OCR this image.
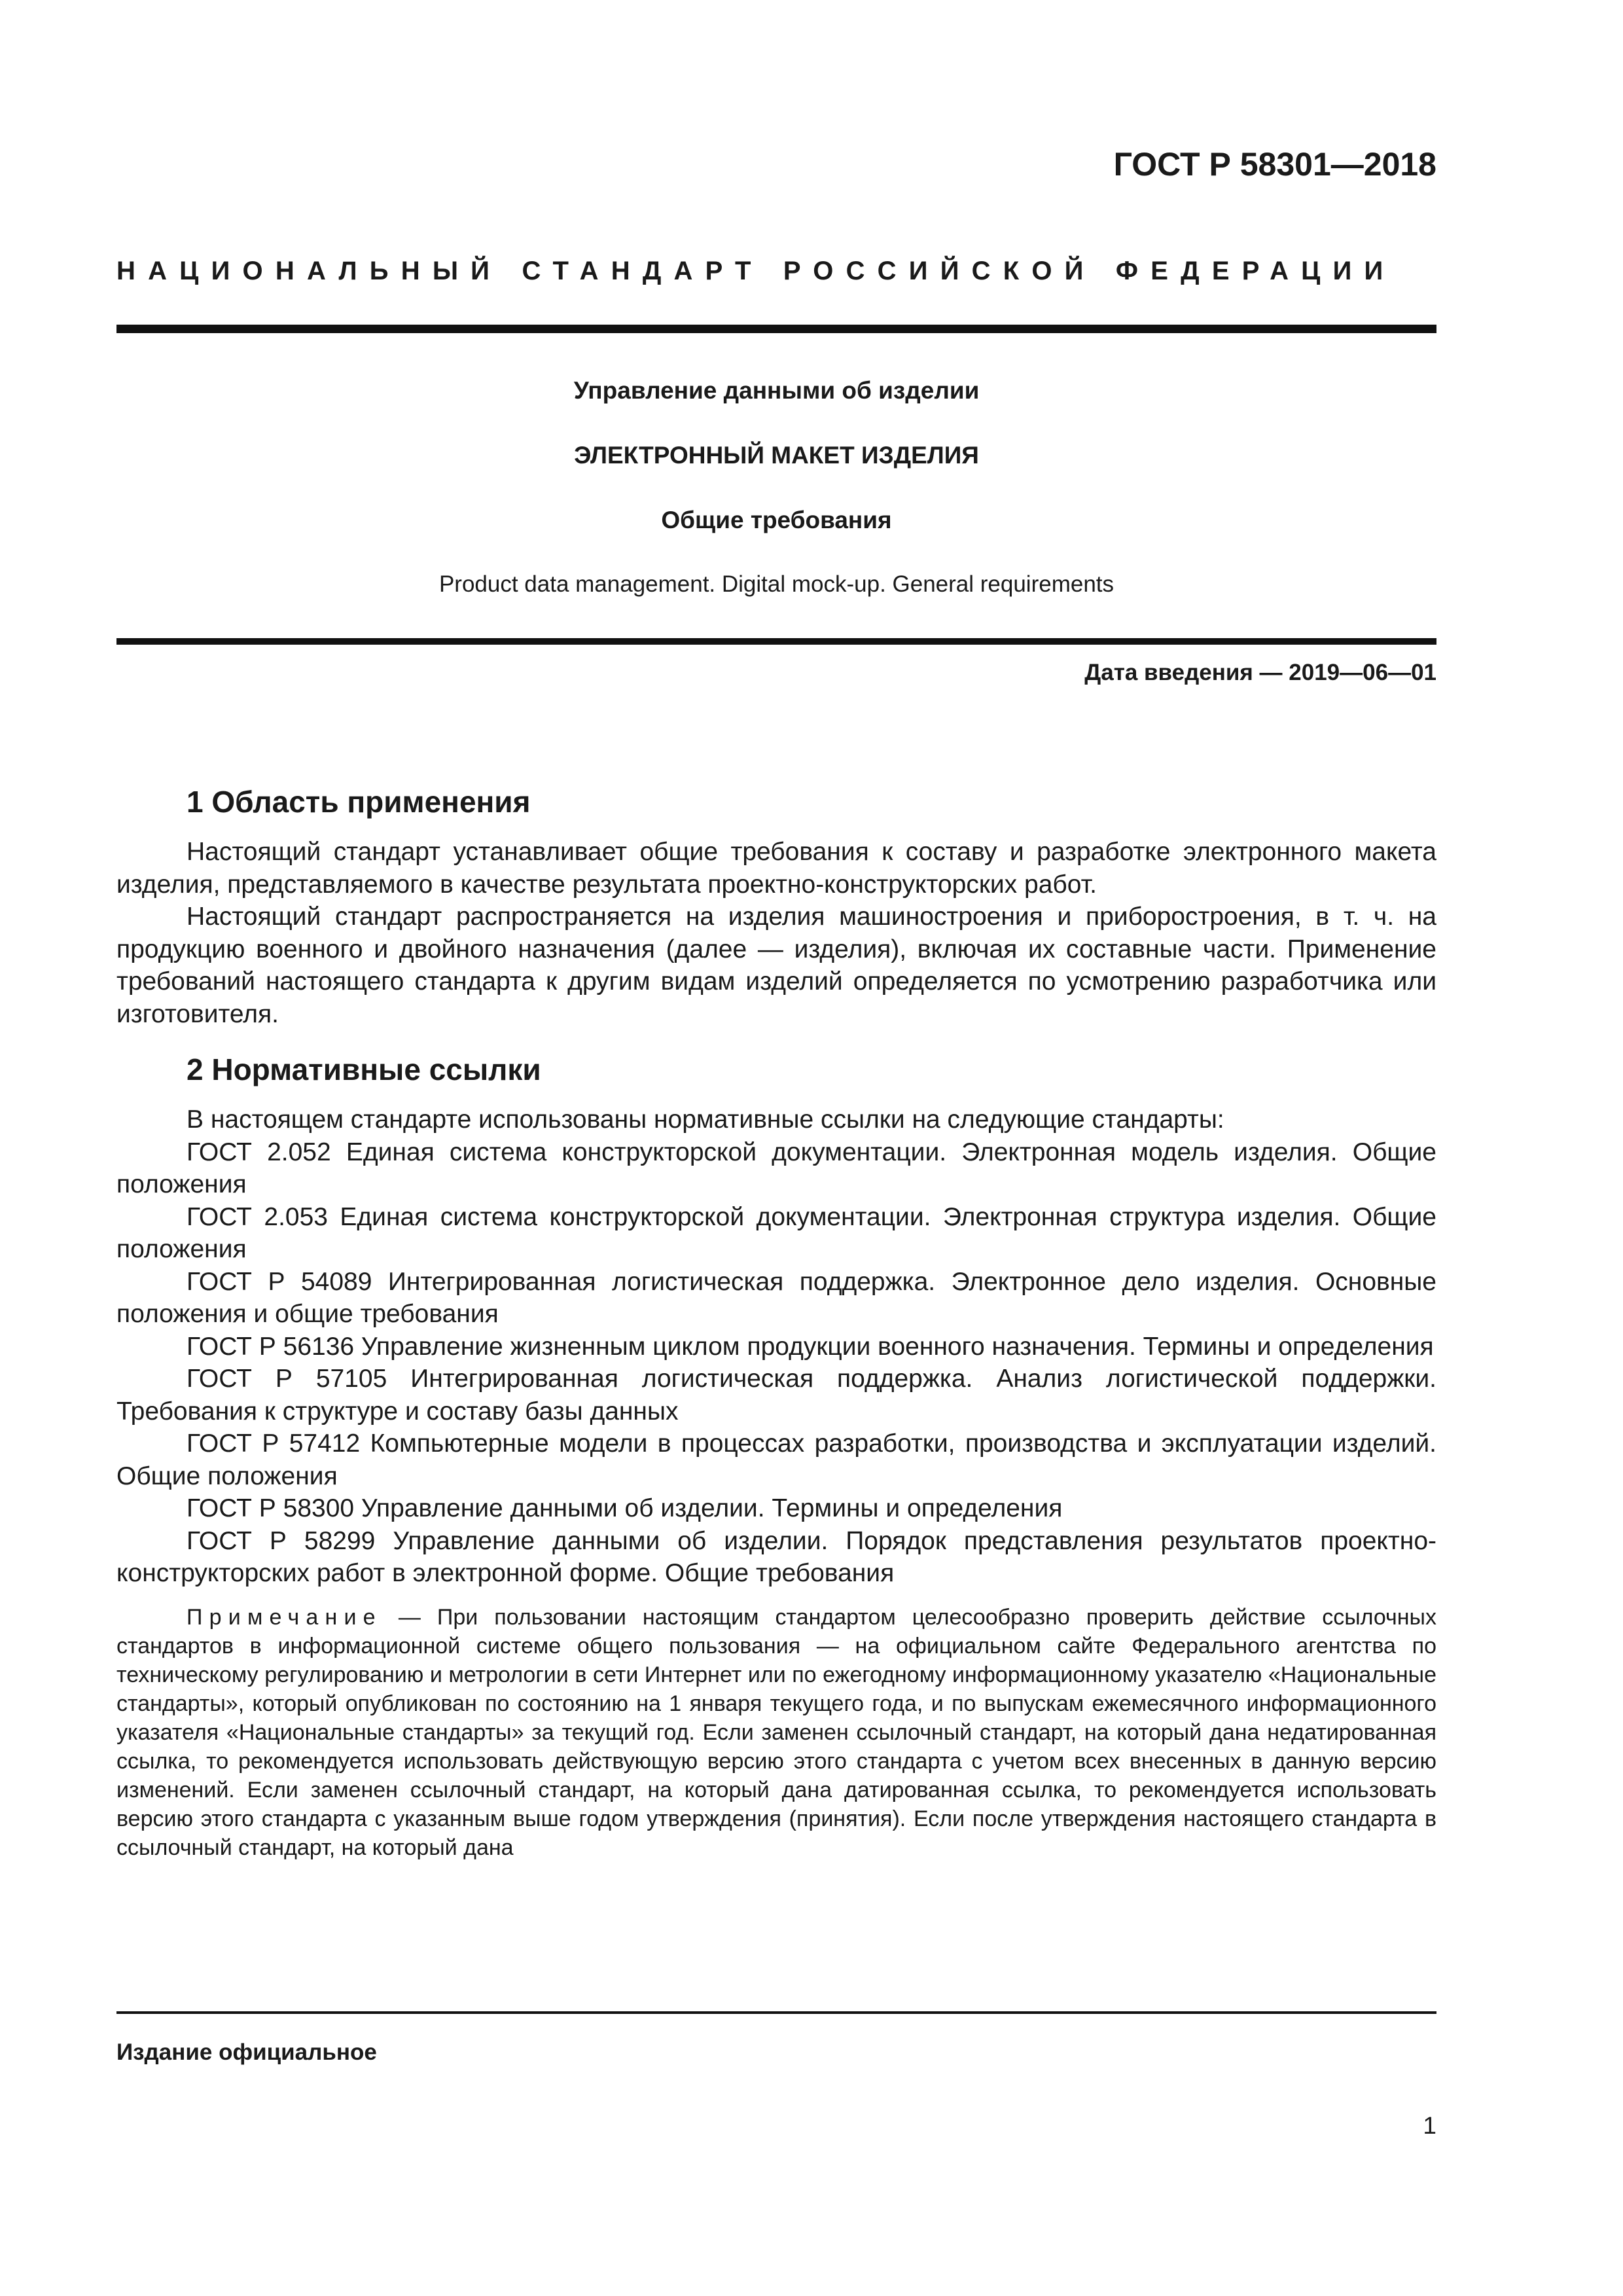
ГОСТ Р 58301—2018
НАЦИОНАЛЬНЫЙ СТАНДАРТ РОССИЙСКОЙ ФЕДЕРАЦИИ
Управление данными об изделии
ЭЛЕКТРОННЫЙ МАКЕТ ИЗДЕЛИЯ
Общие требования
Product data management. Digital mock-up. General requirements
Дата введения — 2019—06—01
1 Область применения

Настоящий стандарт устанавливает общие требования к составу и разработке электронного макета изделия, представляемого в качестве результата проектно-конструкторских работ.

Настоящий стандарт распространяется на изделия машиностроения и приборостроения, в т. ч. на продукцию военного и двойного назначения (далее — изделия), включая их составные части. Применение требований настоящего стандарта к другим видам изделий определяется по усмотрению разработчика или изготовителя.

2 Нормативные ссылки

В настоящем стандарте использованы нормативные ссылки на следующие стандарты:

ГОСТ 2.052 Единая система конструкторской документации. Электронная модель изделия. Общие положения

ГОСТ 2.053 Единая система конструкторской документации. Электронная структура изделия. Общие положения

ГОСТ Р 54089 Интегрированная логистическая поддержка. Электронное дело изделия. Основные положения и общие требования

ГОСТ Р 56136 Управление жизненным циклом продукции военного назначения. Термины и определения

ГОСТ Р 57105 Интегрированная логистическая поддержка. Анализ логистической поддержки. Требования к структуре и составу базы данных

ГОСТ Р 57412 Компьютерные модели в процессах разработки, производства и эксплуатации изделий. Общие положения

ГОСТ Р 58300 Управление данными об изделии. Термины и определения

ГОСТ Р 58299 Управление данными об изделии. Порядок представления результатов проектно-конструкторских работ в электронной форме. Общие требования

Примечание — При пользовании настоящим стандартом целесообразно проверить действие ссылочных стандартов в информационной системе общего пользования — на официальном сайте Федерального агентства по техническому регулированию и метрологии в сети Интернет или по ежегодному информационному указателю «Национальные стандарты», который опубликован по состоянию на 1 января текущего года, и по выпускам ежемесячного информационного указателя «Национальные стандарты» за текущий год. Если заменен ссылочный стандарт, на который дана недатированная ссылка, то рекомендуется использовать действующую версию этого стандарта с учетом всех внесенных в данную версию изменений. Если заменен ссылочный стандарт, на который дана датированная ссылка, то рекомендуется использовать версию этого стандарта с указанным выше годом утверждения (принятия). Если после утверждения настоящего стандарта в ссылочный стандарт, на который дана

Издание официальное
1
